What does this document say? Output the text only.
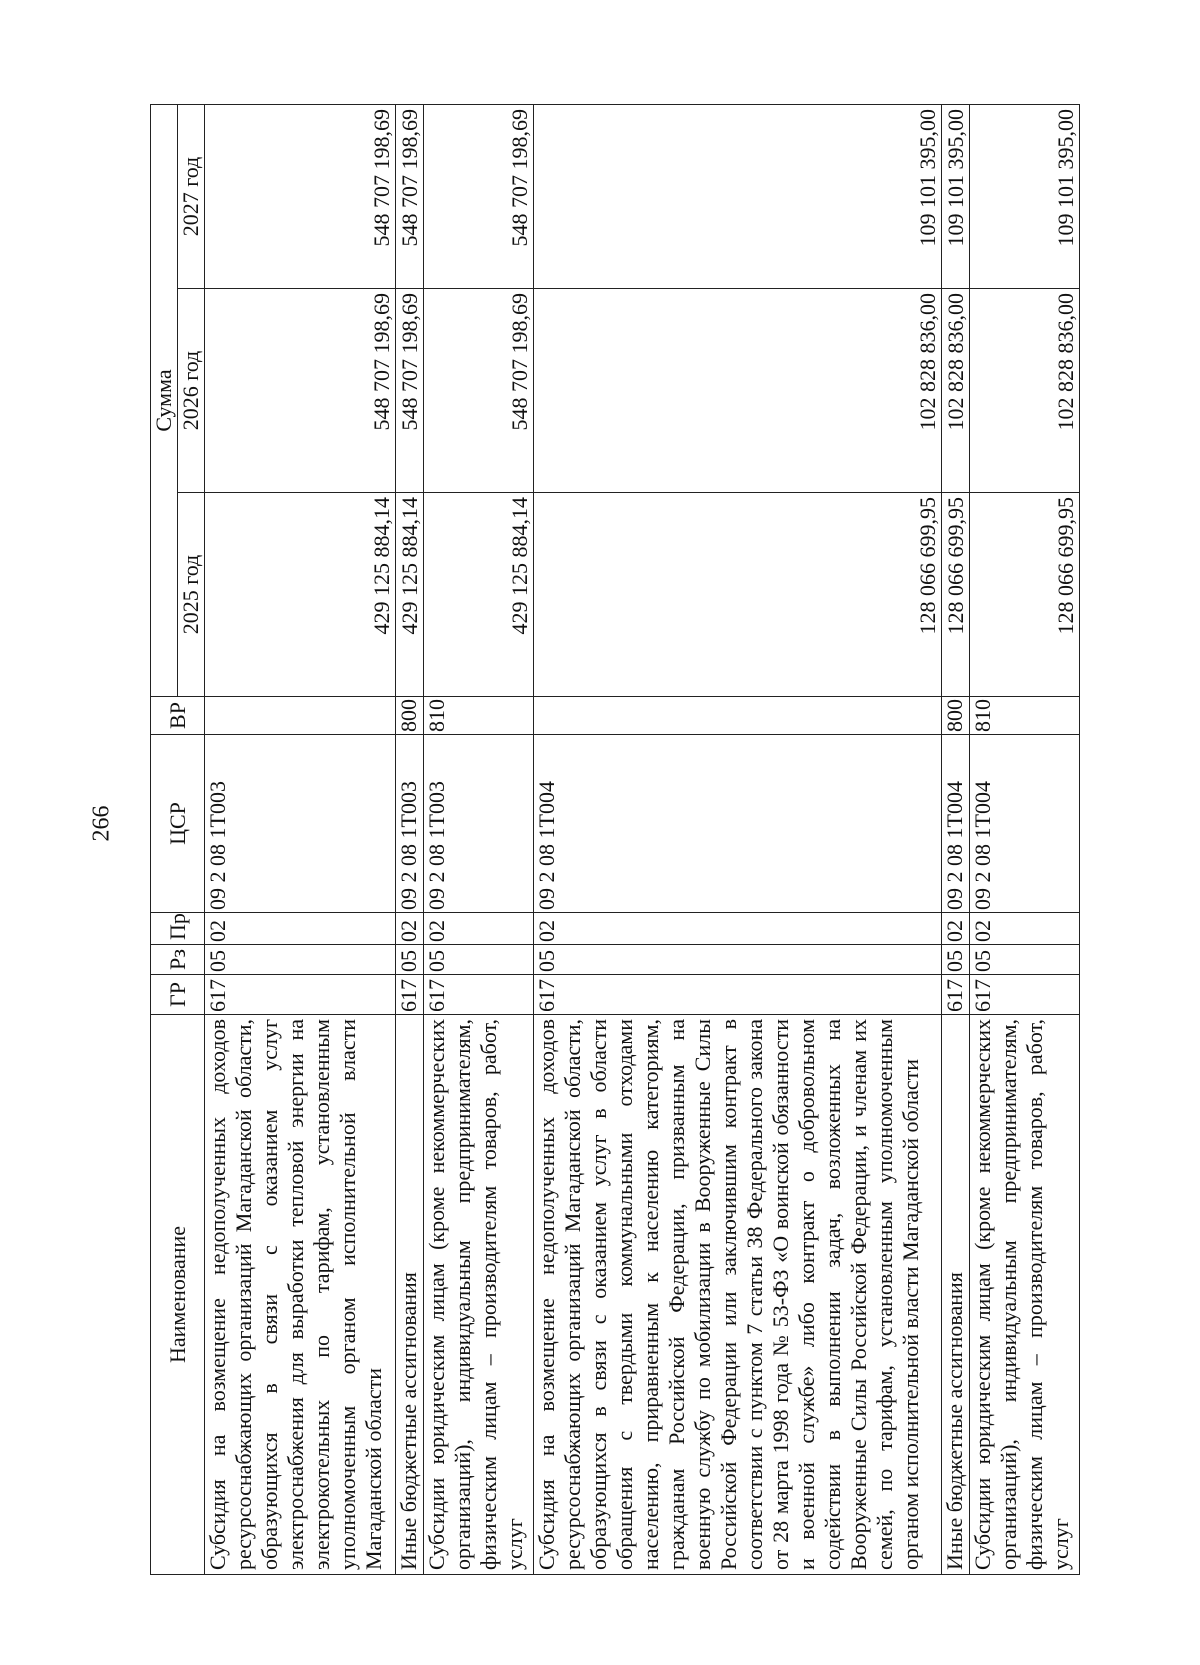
266
Наименование	ГР	Рз	Пр	ЦСР	ВР	Сумма		
						2025 год	2026 год	2027 год
Субсидия на возмещение недополученных доходов ресурсоснабжающих организаций Магаданской области, образующихся в связи с оказанием услуг электроснабжения для выработки тепловой энергии на электрокотельных по тарифам, установленным уполномоченным органом исполнительной власти Магаданской области	617	05	02	09 2 08 1Т003		429 125 884,14	548 707 198,69	548 707 198,69
Иные бюджетные ассигнования	617	05	02	09 2 08 1Т003	800	429 125 884,14	548 707 198,69	548 707 198,69
Субсидии юридическим лицам (кроме некоммерческих организаций), индивидуальным предпринимателям, физическим лицам – производителям товаров, работ, услуг	617	05	02	09 2 08 1Т003	810	429 125 884,14	548 707 198,69	548 707 198,69
Субсидия на возмещение недополученных доходов ресурсоснабжающих организаций Магаданской области, образующихся в связи с оказанием услуг в области обращения с твердыми коммунальными отходами населению, приравненным к населению категориям, гражданам Российской Федерации, призванным на военную службу по мобилизации в Вооруженные Силы Российской Федерации или заключившим контракт в соответствии с пунктом 7 статьи 38 Федерального закона от 28 марта 1998 года № 53-ФЗ «О воинской обязанности и военной службе» либо контракт о добровольном содействии в выполнении задач, возложенных на Вооруженные Силы Российской Федерации, и членам их семей, по тарифам, установленным уполномоченным органом исполнительной власти Магаданской области	617	05	02	09 2 08 1Т004		128 066 699,95	102 828 836,00	109 101 395,00
Иные бюджетные ассигнования	617	05	02	09 2 08 1Т004	800	128 066 699,95	102 828 836,00	109 101 395,00
Субсидии юридическим лицам (кроме некоммерческих организаций), индивидуальным предпринимателям, физическим лицам – производителям товаров, работ, услуг	617	05	02	09 2 08 1Т004	810	128 066 699,95	102 828 836,00	109 101 395,00
